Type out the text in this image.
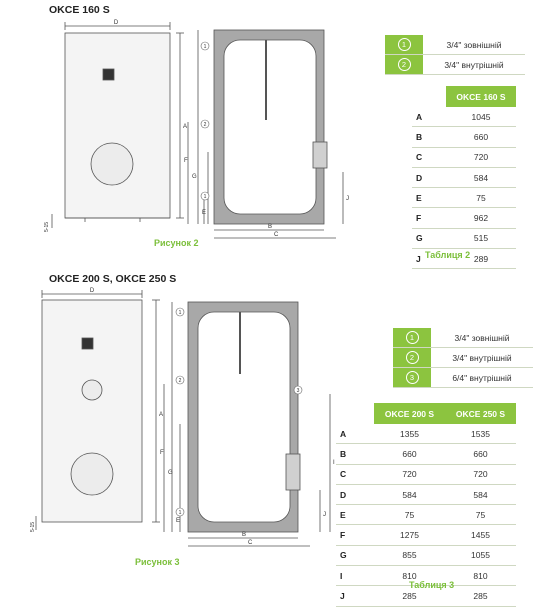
OKCE 160 S
D
A
5-15
1
2
1
F
G
E
B
C
J
Рисунок 2
1	3/4" зовнішній
2	3/4" внутрішній
	OKCE 160 S
A	1045
B	660
C	720
D	584
E	75
F	962
G	515
J	289
Таблиця 2
OKCE 200 S, OKCE 250 S
D
A
5-15
1
2
3
1
F
G
I
E
B
C
J
Рисунок 3
1	3/4" зовнішній
2	3/4" внутрішній
3	6/4" внутрішній
	OKCE 200 S	OKCE 250 S
A	1355	1535
B	660	660
C	720	720
D	584	584
E	75	75
F	1275	1455
G	855	1055
I	810	810
J	285	285
Таблиця 3
